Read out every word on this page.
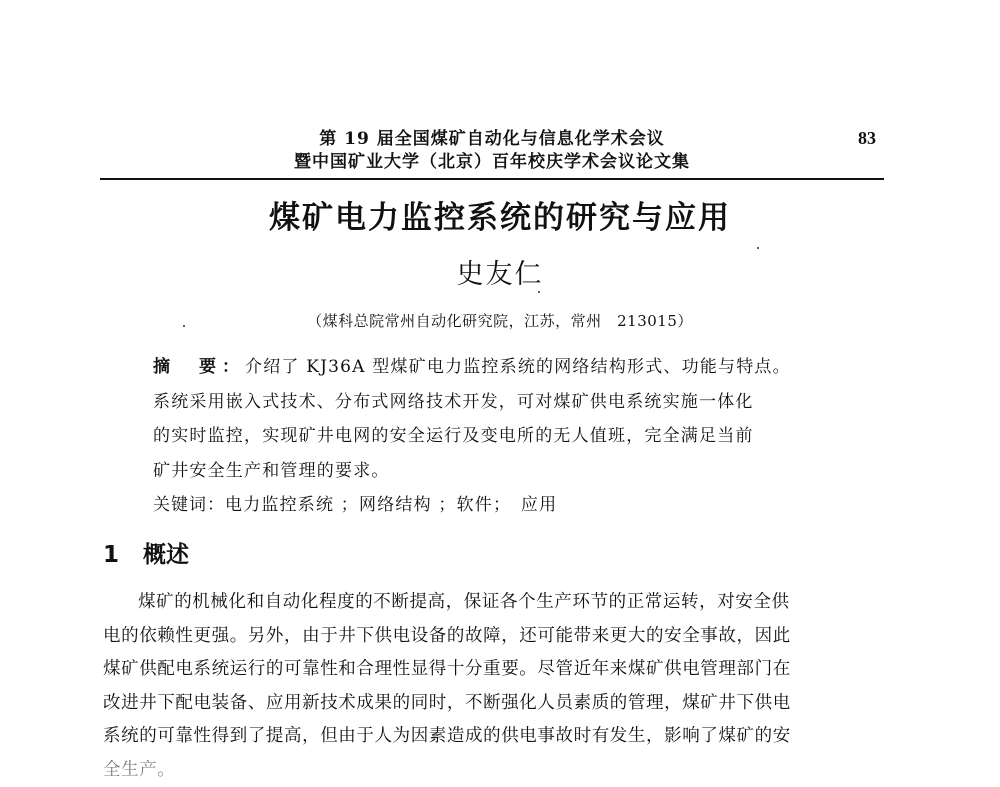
第 19 届全国煤矿自动化与信息化学术会议
暨中国矿业大学（北京）百年校庆学术会议论文集
83
煤矿电力监控系统的研究与应用
史友仁
（煤科总院常州自动化研究院，江苏，常州　213015）
摘　要：介绍了 KJ36A 型煤矿电力监控系统的网络结构形式、功能与特点。
系统采用嵌入式技术、分布式网络技术开发，可对煤矿供电系统实施一体化
的实时监控，实现矿井电网的安全运行及变电所的无人值班，完全满足当前
矿井安全生产和管理的要求。
关键词：电力监控系统 ；网络结构 ；软件；　应用
1 概述
煤矿的机械化和自动化程度的不断提高，保证各个生产环节的正常运转，对安全供
电的依赖性更强。另外，由于井下供电设备的故障，还可能带来更大的安全事故，因此
煤矿供配电系统运行的可靠性和合理性显得十分重要。尽管近年来煤矿供电管理部门在
改进井下配电装备、应用新技术成果的同时，不断强化人员素质的管理，煤矿井下供电
系统的可靠性得到了提高，但由于人为因素造成的供电事故时有发生，影响了煤矿的安
全生产。
